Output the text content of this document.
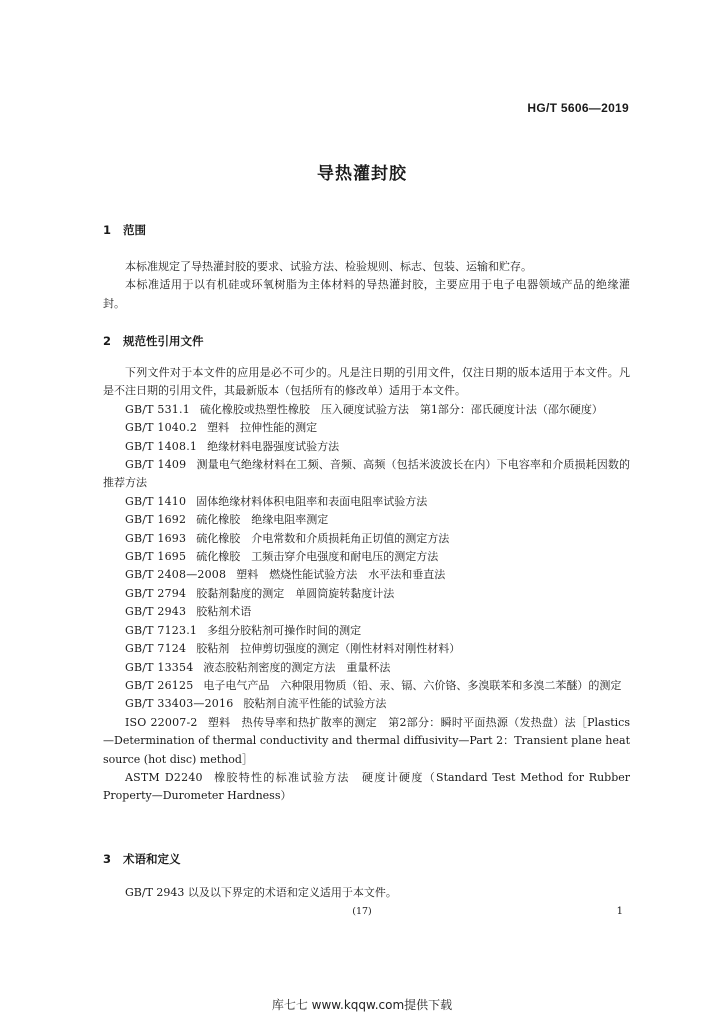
HG/T 5606—2019
导热灌封胶
1 范围

本标准规定了导热灌封胶的要求、试验方法、检验规则、标志、包装、运输和贮存。

本标准适用于以有机硅或环氧树脂为主体材料的导热灌封胶，主要应用于电子电器领域产品的绝缘灌封。

2 规范性引用文件

下列文件对于本文件的应用是必不可少的。凡是注日期的引用文件，仅注日期的版本适用于本文件。凡是不注日期的引用文件，其最新版本（包括所有的修改单）适用于本文件。

GB/T 531.1 硫化橡胶或热塑性橡胶　压入硬度试验方法　第1部分：邵氏硬度计法（邵尔硬度）

GB/T 1040.2 塑料　拉伸性能的测定

GB/T 1408.1 绝缘材料电器强度试验方法

GB/T 1409 测量电气绝缘材料在工频、音频、高频（包括米波波长在内）下电容率和介质损耗因数的推荐方法

GB/T 1410 固体绝缘材料体积电阻率和表面电阻率试验方法

GB/T 1692 硫化橡胶　绝缘电阻率测定

GB/T 1693 硫化橡胶　介电常数和介质损耗角正切值的测定方法

GB/T 1695 硫化橡胶　工频击穿介电强度和耐电压的测定方法

GB/T 2408—2008 塑料　燃烧性能试验方法　水平法和垂直法

GB/T 2794 胶黏剂黏度的测定　单圆筒旋转黏度计法

GB/T 2943 胶粘剂术语

GB/T 7123.1 多组分胶粘剂可操作时间的测定

GB/T 7124 胶粘剂　拉伸剪切强度的测定（刚性材料对刚性材料）

GB/T 13354 液态胶粘剂密度的测定方法　重量杯法

GB/T 26125 电子电气产品　六种限用物质（铅、汞、镉、六价铬、多溴联苯和多溴二苯醚）的测定

GB/T 33403—2016 胶粘剂自流平性能的试验方法

ISO 22007-2 塑料　热传导率和热扩散率的测定　第2部分：瞬时平面热源（发热盘）法［Plastics—Determination of thermal conductivity and thermal diffusivity—Part 2：Transient plane heat source (hot disc) method］

ASTM D2240 橡胶特性的标准试验方法　硬度计硬度（Standard Test Method for Rubber Property—Durometer Hardness）

3 术语和定义

GB/T 2943 以及以下界定的术语和定义适用于本文件。

(17)	1
库七七 www.kqqw.com提供下载
